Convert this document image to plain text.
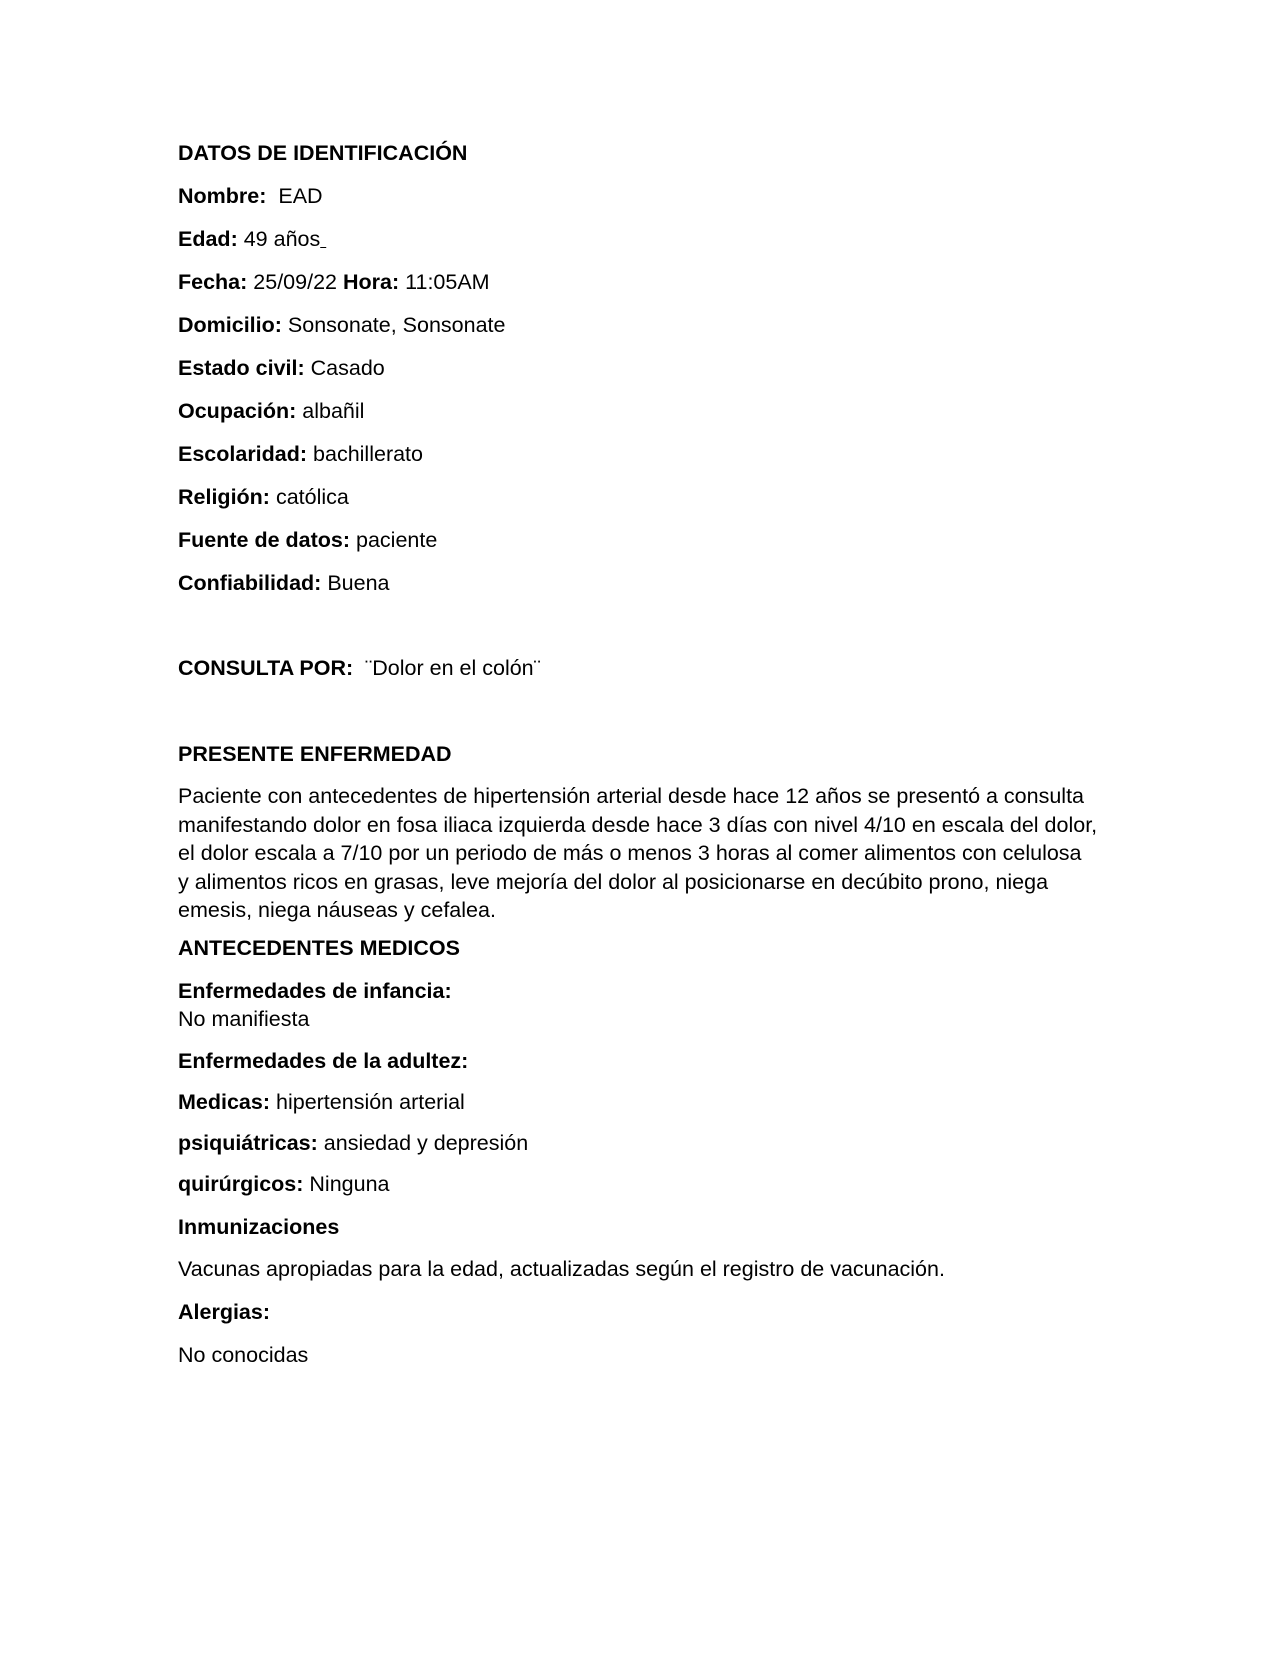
DATOS DE IDENTIFICACIÓN
Nombre: EAD
Edad: 49 años
Fecha: 25/09/22 Hora: 11:05AM
Domicilio: Sonsonate, Sonsonate
Estado civil: Casado
Ocupación: albañil
Escolaridad: bachillerato
Religión: católica
Fuente de datos: paciente
Confiabilidad: Buena
CONSULTA POR: ¨Dolor en el colón¨
PRESENTE ENFERMEDAD
Paciente con antecedentes de hipertensión arterial desde hace 12 años se presentó a consulta manifestando dolor en fosa iliaca izquierda desde hace 3 días con nivel 4/10 en escala del dolor, el dolor escala a 7/10 por un periodo de más o menos 3 horas al comer alimentos con celulosa y alimentos ricos en grasas, leve mejoría del dolor al posicionarse en decúbito prono, niega emesis, niega náuseas y cefalea.
ANTECEDENTES MEDICOS
Enfermedades de infancia:
No manifiesta
Enfermedades de la adultez:
Medicas: hipertensión arterial
psiquiátricas: ansiedad y depresión
quirúrgicos: Ninguna
Inmunizaciones
Vacunas apropiadas para la edad, actualizadas según el registro de vacunación.
Alergias:
No conocidas
